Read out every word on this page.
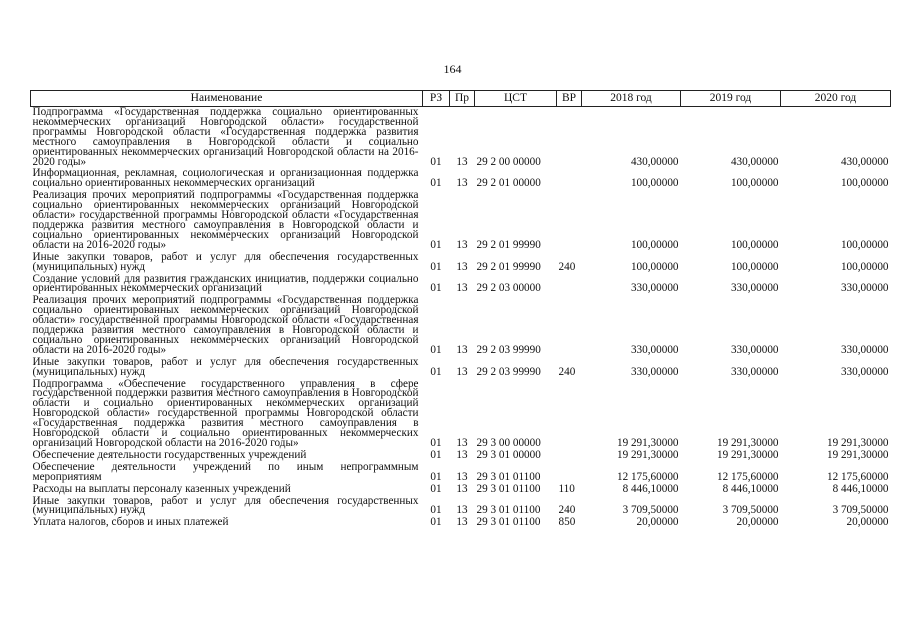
164
Наименование	РЗ	Пр	ЦСТ	ВР	2018 год	2019 год	2020 год
Подпрограмма «Государственная поддержка социально ориентированных некоммерческих организаций Новгородской области» государственной программы Новгородской области «Государственная поддержка развития местного самоуправления в Новгородской области и социально ориентированных некоммерческих организаций Новгородской области на 2016-2020 годы»	01	13	29 2 00 00000		430,00000	430,00000	430,00000
Информационная, рекламная, социологическая и организационная поддержка социально ориентированных некоммерческих организаций	01	13	29 2 01 00000		100,00000	100,00000	100,00000
Реализация прочих мероприятий подпрограммы «Государственная поддержка социально ориентированных некоммерческих организаций Новгородской области» государственной программы Новгородской области «Государственная поддержка развития местного самоуправления в Новгородской области и социально ориентированных некоммерческих организаций Новгородской области на 2016-2020 годы»	01	13	29 2 01 99990		100,00000	100,00000	100,00000
Иные закупки товаров, работ и услуг для обеспечения государственных (муниципальных) нужд	01	13	29 2 01 99990	240	100,00000	100,00000	100,00000
Создание условий для развития гражданских инициатив, поддержки социально ориентированных некоммерческих организаций	01	13	29 2 03 00000		330,00000	330,00000	330,00000
Реализация прочих мероприятий подпрограммы «Государственная поддержка социально ориентированных некоммерческих организаций Новгородской области» государственной программы Новгородской области «Государственная поддержка развития местного самоуправления в Новгородской области и социально ориентированных некоммерческих организаций Новгородской области на 2016-2020 годы»	01	13	29 2 03 99990		330,00000	330,00000	330,00000
Иные закупки товаров, работ и услуг для обеспечения государственных (муниципальных) нужд	01	13	29 2 03 99990	240	330,00000	330,00000	330,00000
Подпрограмма «Обеспечение государственного управления в сфере государственной поддержки развития местного самоуправления в Новгородской области и социально ориентированных некоммерческих организаций Новгородской области» государственной программы Новгородской области «Государственная поддержка развития местного самоуправления в Новгородской области и социально ориентированных некоммерческих организаций Новгородской области на 2016-2020 годы»	01	13	29 3 00 00000		19 291,30000	19 291,30000	19 291,30000
Обеспечение деятельности государственных учреждений	01	13	29 3 01 00000		19 291,30000	19 291,30000	19 291,30000
Обеспечение деятельности учреждений по иным непрограммным мероприятиям	01	13	29 3 01 01100		12 175,60000	12 175,60000	12 175,60000
Расходы на выплаты персоналу казенных учреждений	01	13	29 3 01 01100	110	8 446,10000	8 446,10000	8 446,10000
Иные закупки товаров, работ и услуг для обеспечения государственных (муниципальных) нужд	01	13	29 3 01 01100	240	3 709,50000	3 709,50000	3 709,50000
Уплата налогов, сборов и иных платежей	01	13	29 3 01 01100	850	20,00000	20,00000	20,00000
